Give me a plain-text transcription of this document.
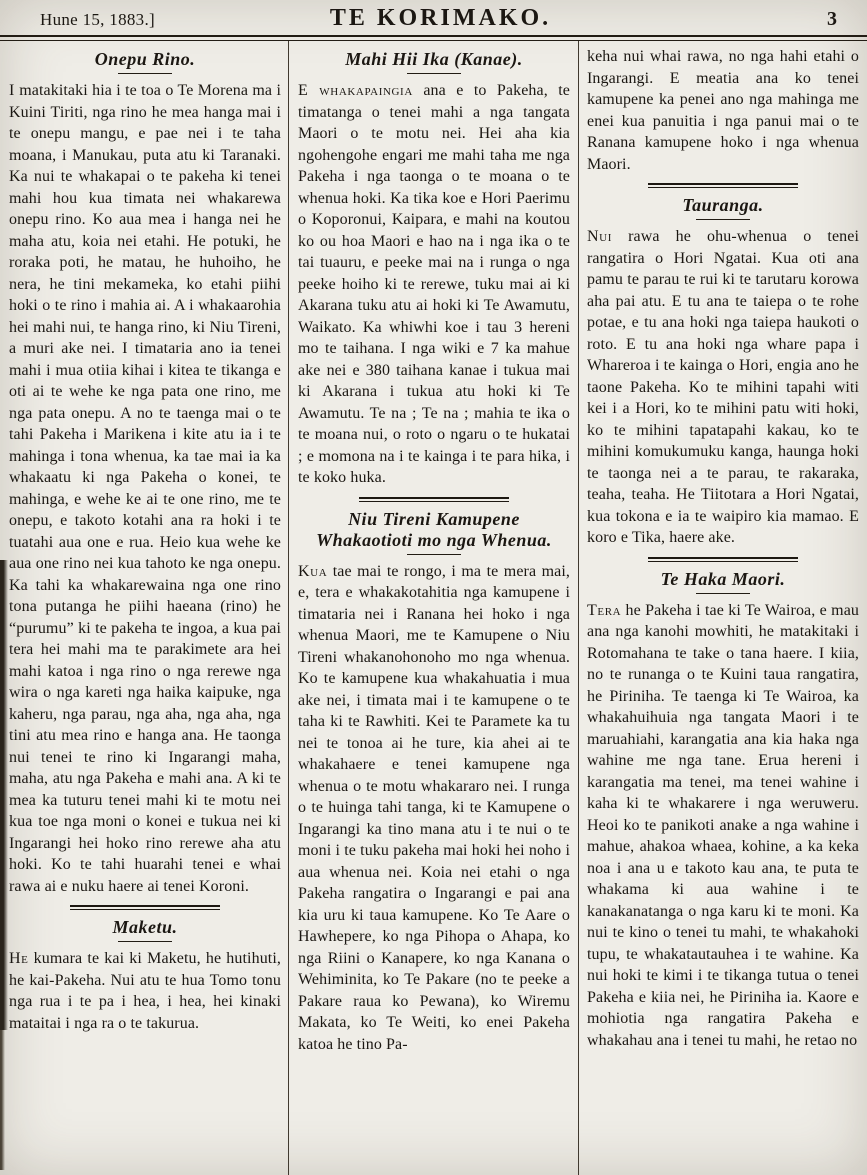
Hune 15, 1883.]	TE KORIMAKO.	3
Onepu Rino.

I matakitaki hia i te toa o Te Morena ma i Kuini Tiriti, nga rino he mea hanga mai i te onepu mangu, e pae nei i te taha moana, i Manukau, puta atu ki Taranaki. Ka nui te whakapai o te pakeha ki tenei mahi hou kua timata nei whakarewa onepu rino. Ko aua mea i hanga nei he maha atu, koia nei etahi. He potuki, he roraka poti, he matau, he huhoiho, he nera, he tini mekameka, ko etahi piihi hoki o te rino i mahia ai. A i whakaarohia hei mahi nui, te hanga rino, ki Niu Tireni, a muri ake nei. I timataria ano ia tenei mahi i mua otiia kihai i kitea te tikanga e oti ai te wehe ke nga pata one rino, me nga pata onepu. A no te taenga mai o te tahi Pakeha i Marikena i kite atu ia i te mahinga i tona whenua, ka tae mai ia ka whakaatu ki nga Pakeha o konei, te mahinga, e wehe ke ai te one rino, me te onepu, e takoto kotahi ana ra hoki i te tuatahi aua one e rua. Heio kua wehe ke aua one rino nei kua tahoto ke nga onepu. Ka tahi ka whakarewaina nga one rino tona putanga he piihi haeana (rino) he “purumu” ki te pakeha te ingoa, a kua pai tera hei mahi ma te parakimete ara hei mahi katoa i nga rino o nga rerewe nga wira o nga kareti nga haika kaipuke, nga kaheru, nga parau, nga aha, nga aha, nga tini atu mea rino e hanga ana. He taonga nui tenei te rino ki Ingarangi maha, maha, atu nga Pakeha e mahi ana. A ki te mea ka tuturu tenei mahi ki te motu nei kua toe nga moni o konei e tukua nei ki Ingarangi hei hoko rino rerewe aha atu hoki. Ko te tahi huarahi tenei e whai rawa ai e nuku haere ai tenei Koroni.

Maketu.

He kumara te kai ki Maketu, he hutihuti, he kai-Pakeha. Nui atu te hua Tomo tonu nga rua i te pa i hea, i hea, hei kinaki mataitai i nga ra o te takurua.

Mahi Hii Ika (Kanae).

E whakapaingia ana e to Pakeha, te timatanga o tenei mahi a nga tangata Maori o te motu nei. Hei aha kia ngohengohe engari me mahi taha me nga Pakeha i nga taonga o te moana o te whenua hoki. Ka tika koe e Hori Paerimu o Koporonui, Kaipara, e mahi na koutou ko ou hoa Maori e hao na i nga ika o te tai tuauru, e peeke mai na i runga o nga peeke hoiho ki te rerewe, tuku mai ai ki Akarana tuku atu ai hoki ki Te Awamutu, Waikato. Ka whiwhi koe i tau 3 hereni mo te taihana. I nga wiki e 7 ka mahue ake nei e 380 taihana kanae i tukua mai ki Akarana i tukua atu hoki ki Te Awamutu. Te na ; Te na ; mahia te ika o te moana nui, o roto o ngaru o te hukatai ; e momona na i te kainga i te para hika, i te koko huka.

Niu Tireni Kamupene Whakaotioti mo nga Whenua.

Kua tae mai te rongo, i ma te mera mai, e, tera e whakakotahitia nga kamupene i timataria nei i Ranana hei hoko i nga whenua Maori, me te Kamupene o Niu Tireni whakanohonoho mo nga whenua. Ko te kamupene kua whakahuatia i mua ake nei, i timata mai i te kamupene o te taha ki te Rawhiti. Kei te Paramete ka tu nei te tonoa ai he ture, kia ahei ai te whakahaere e tenei kamupene nga whenua o te motu whakararo nei. I runga o te huinga tahi tanga, ki te Kamupene o Ingarangi ka tino mana atu i te nui o te moni i te tuku pakeha mai hoki hei noho i aua whenua nei. Koia nei etahi o nga Pakeha rangatira o Ingarangi e pai ana kia uru ki taua kamupene. Ko Te Aare o Hawhepere, ko nga Pihopa o Ahapa, ko nga Riini o Kanapere, ko nga Kanana o Wehiminita, ko Te Pakare (no te peeke a Pakare raua ko Pewana), ko Wiremu Makata, ko Te Weiti, ko enei Pakeha katoa he tino Pa-

keha nui whai rawa, no nga hahi etahi o Ingarangi. E meatia ana ko tenei kamupene ka penei ano nga mahinga me enei kua panuitia i nga panui mai o te Ranana kamupene hoko i nga whenua Maori.

Tauranga.

Nui rawa he ohu-whenua o tenei rangatira o Hori Ngatai. Kua oti ana pamu te parau te rui ki te tarutaru korowa aha pai atu. E tu ana te taiepa o te rohe potae, e tu ana hoki nga taiepa haukoti o roto. E tu ana hoki nga whare papa i Whareroa i te kainga o Hori, engia ano he taone Pakeha. Ko te mihini tapahi witi kei i a Hori, ko te mihini patu witi hoki, ko te mihini tapatapahi kakau, ko te mihini komukumuku kanga, haunga hoki te taonga nei a te parau, te rakaraka, teaha, teaha. He Tiitotara a Hori Ngatai, kua tokona e ia te waipiro kia mamao. E koro e Tika, haere ake.

Te Haka Maori.

Tera he Pakeha i tae ki Te Wairoa, e mau ana nga kanohi mowhiti, he matakitaki i Rotomahana te take o tana haere. I kiia, no te runanga o te Kuini taua rangatira, he Piriniha. Te taenga ki Te Wairoa, ka whakahuihuia nga tangata Maori i te maruahiahi, karangatia ana kia haka nga wahine me nga tane. Erua hereni i karangatia ma tenei, ma tenei wahine i kaha ki te whakarere i nga weruweru. Heoi ko te panikoti anake a nga wahine i mahue, ahakoa whaea, kohine, a ka keka noa i ana u e takoto kau ana, te puta te whakama ki aua wahine i te kanakanatanga o nga karu ki te moni. Ka nui te kino o tenei tu mahi, te whakahoki tupu, te whakatautauhea i te wahine. Ka nui hoki te kimi i te tikanga tutua o tenei Pakeha e kiia nei, he Piriniha ia. Kaore e mohiotia nga rangatira Pakeha e whakahau ana i tenei tu mahi, he retao no
